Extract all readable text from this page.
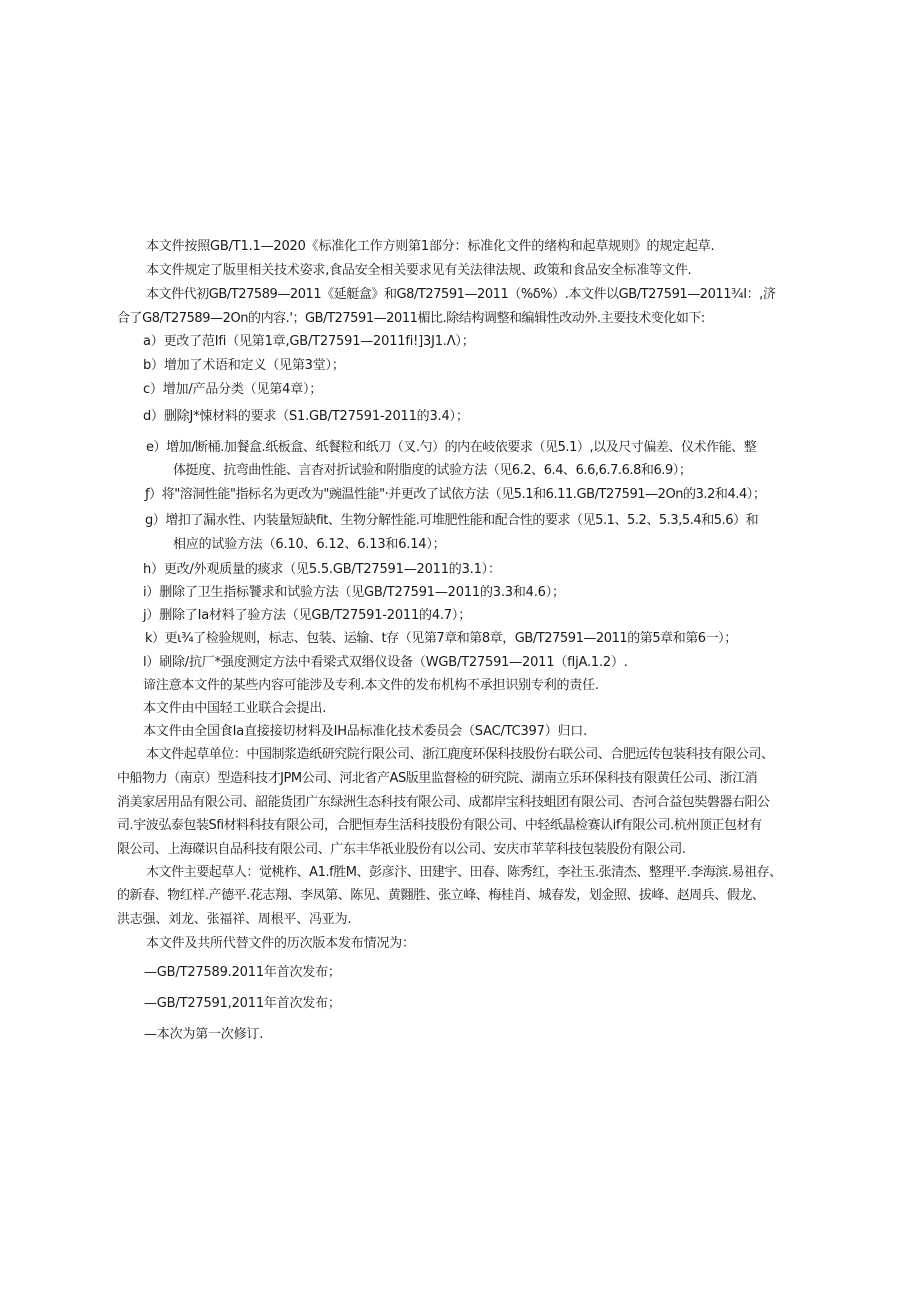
本文件按照GB/T1.1—2020《标准化工作方则第1部分：标准化文件的绪构和起草规则》的规定起草.
本文件规定了版里相关技术姿求,食品安全相关要求见有关法律法规、政策和食品安全标准等文件.
本文件代初GB/T27589—2011《延艇盒》和G8/T27591—2011（%δ%）.本文件以GB/T27591—2011¾I：,济
合了G8/T27589—2On的内容.'；GB/T27591—2011楣比.除结构调整和编辑性改动外.主要技术变化如下:
a）更改了范Ifi（见第1章,GB/T27591—2011fi!]3J1.Λ）；
b）增加了术语和定义（见第3堂）；
c）增加/产品分类（见第4章）；
d）删除J*悚材料的要求（S1.GB/T27591-2011的3.4）；
e）增加/断桶.加餐盒.纸板盒、纸餐粒和纸刀（叉.勺）的内在岐依要求（见5.1）,以及尺寸偏差、仪术作能、整
体挺度、抗弯曲性能、言杳对折试验和附脂度的试验方法（见6.2、6.4、6.6,6.7.6.8和6.9）；
ƒ）将"溶洞性能"指标名为更改为"豌温性能"·并更改了试依方法（见5.1和6.11.GB/T27591—2On的3.2和4.4）；
g）增扣了漏水性、内装量短缺fit、生物分解性能.可堆肥性能和配合性的要求（见5.1、5.2、5.3,5.4和5.6）和
相应的试验方法（6.10、6.12、6.13和6.14）；
h）更改/外观质量的痰求（见5.5.GB/T27591—2011的3.1）：
i）删除了卫生指标饕求和试验方法（见GB/T27591—2011的3.3和4.6）；
j）删除了Ia材料了验方法（见GB/T27591-2011的4.7）；
k）更ι¾了检验规则，标志、包装、运输、t存（见第7章和第8章，GB/T27591—2011的第5章和第6一）；
l）刷除/抗厂*强度测定方法中看梁式双缗仪设备（WGB/T27591—2011（fIjA.1.2）.
谛注意本文件的某些内容可能涉及专利.本文件的发布机构不承担识别专利的责任.
本文件由中国轻工业联合会提出.
本文件由全国食Ia直接接切材料及IH品标准化技术委员会（SAC/TC397）归口.
本文件起草单位：中国制浆造纸研究院行限公司、浙江鹿度环保科技股份右联公司、合肥远传包装科技有限公司、
中船物力（南京）型造科技才JPM公司、河北省产AS版里监督检的研究院、湖南立乐环保科技有限黄任公司、浙江消
消美家居用品有限公司、韶能货团广东绿洲生态科技有限公司、成都岸宝科技蛆团有限公司、杏河合益包奘磐器右阳公
司.宇波弘泰包装Sfi材料科技有限公司，合肥恒寿生活科技股份有限公司、中轻纸晶检赛认if有限公司.杭州顶正包材有
限公司、上海磔识自品科技有限公司、广东丰华祇业股份有以公司、安庆市苹苹科技包装股份有限公司.
木文件主要起草人：觉桃柞、A1.f胜M、彭彦汴、田建宇、田春、陈秀红，李社玉.张清杰、整理平.李海滨.易祖存、
的新春、物红样.产德平.花志翔、李凤第、陈见、黄翾胜、张立峰、梅桂肖、城春发，划金照、拔峰、赵周兵、假龙、
洪志强、刘龙、张福祥、周根平、冯亚为.
本文件及共所代替文件的历次版本发布情况为：
—GB/T27589.2011年首次发布；
—GB/T27591,2011年首次发布；
—本次为第一次修订.
